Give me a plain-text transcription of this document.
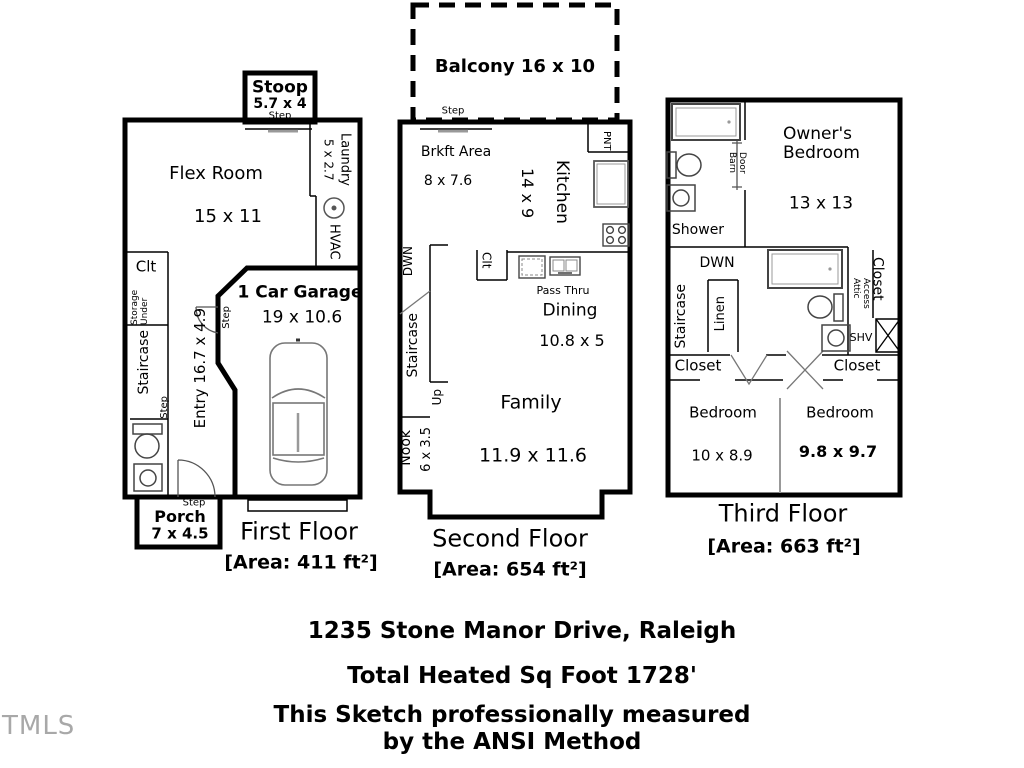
Stoop
5.7 x 4
Step
Flex Room
15 x 11
Laundry
5 x 2.7
HVAC
Clt
Storage Under
Staircase
Step Entry 16.7 x 4.9 Step
1 Car Garage
19 x 10.6
Step
Porch
7 x 4.5 First Floor
[Area: 411 ft²]
Balcony 16 x 10
Step
Brkft Area
8 x 7.6	Kitchen
14 x 9
PNT
DWN
Staircase
Up
Clt
Pass Thru
Dining
10.8 x 5
Nook 6 x 3.5
Family
11.9 x 11.6
Second Floor
[Area: 654 ft²]
Owner's Bedroom
13 x 13
Barn Door
Shower
DWN
Staircase Linen
Closet
Attic Access
Closet
SHV
Closet
Bedroom
10 x 8.9
Bedroom
9.8 x 9.7
Third Floor
[Area: 663 ft²]
1235 Stone Manor Drive, Raleigh
Total Heated Sq Foot 1728'
This Sketch professionally measured
by the ANSI Method
TMLS
